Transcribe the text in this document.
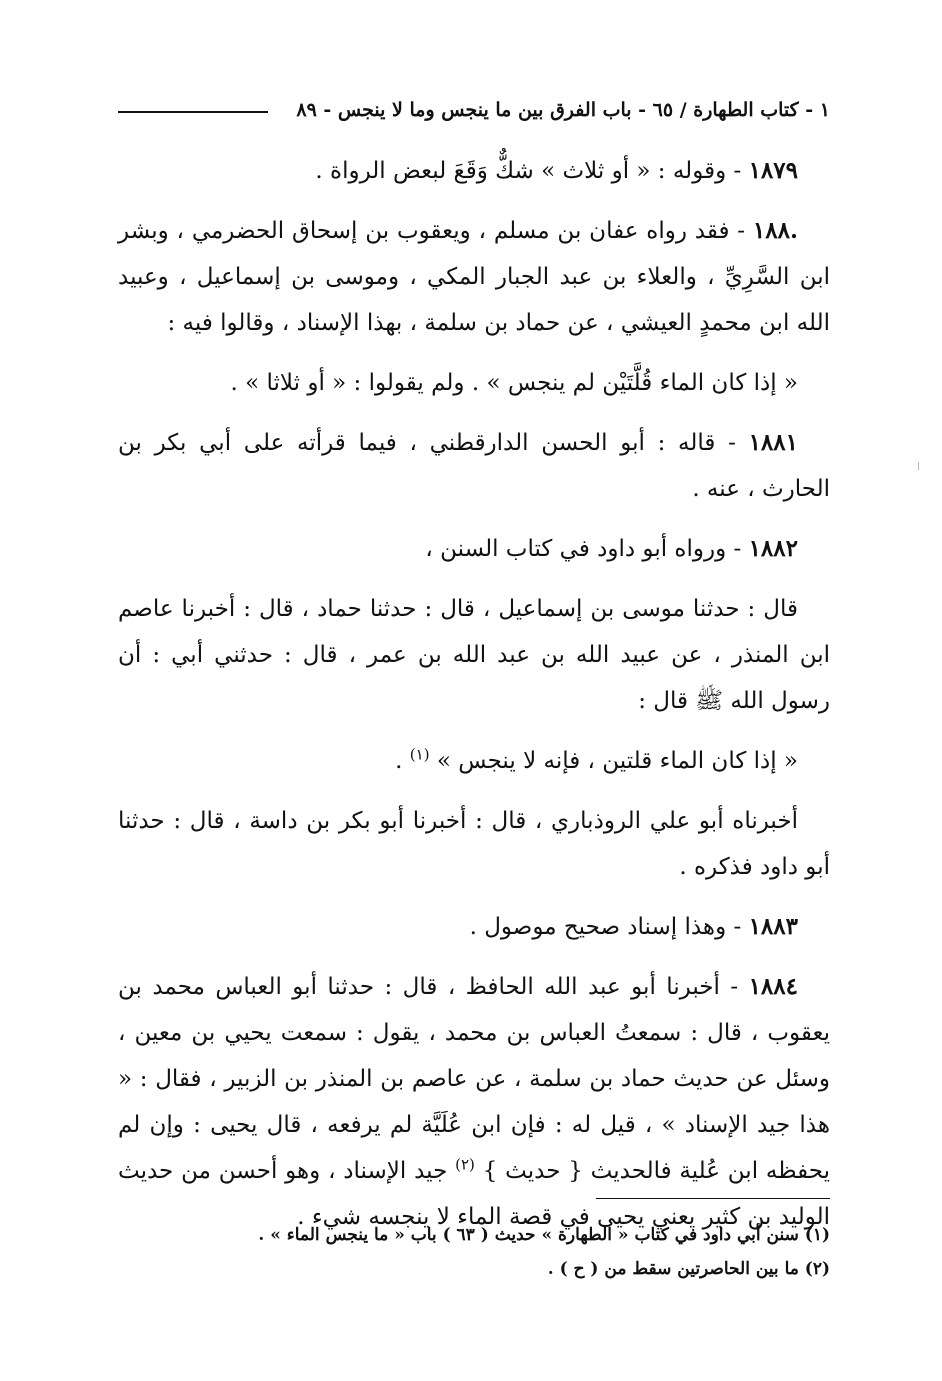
١ - كتاب الطهارة / ٦٥ - باب الفرق بين ما ينجس وما لا ينجس - ٨٩

١٨٧٩ - وقوله : « أو ثلاث » شكٌّ وَقَعَ لبعض الرواة .

.١٨٨ - فقد رواه عفان بن مسلم ، ويعقوب بن إسحاق الحضرمي ، وبشر ابن السَّرِيِّ ، والعلاء بن عبد الجبار المكي ، وموسى بن إسماعيل ، وعبيد الله ابن محمدٍ العيشي ، عن حماد بن سلمة ، بهذا الإسناد ، وقالوا فيه :

« إذا كان الماء قُلَّتَيْن لم ينجس » . ولم يقولوا : « أو ثلاثا » .

١٨٨١ - قاله : أبو الحسن الدارقطني ، فيما قرأته على أبي بكر بن الحارث ، عنه .

١٨٨٢ - ورواه أبو داود في كتاب السنن ،

قال : حدثنا موسى بن إسماعيل ، قال : حدثنا حماد ، قال : أخبرنا عاصم ابن المنذر ، عن عبيد الله بن عبد الله بن عمر ، قال : حدثني أبي : أن رسول الله ﷺ قال :

« إذا كان الماء قلتين ، فإنه لا ينجس » $^{(١)}$ .

أخبرناه أبو علي الروذباري ، قال : أخبرنا أبو بكر بن داسة ، قال : حدثنا أبو داود فذكره .

١٨٨٣ - وهذا إسناد صحيح موصول .

١٨٨٤ - أخبرنا أبو عبد الله الحافظ ، قال : حدثنا أبو العباس محمد بن يعقوب ، قال : سمعتُ العباس بن محمد ، يقول : سمعت يحيي بن معين ، وسئل عن حديث حماد بن سلمة ، عن عاصم بن المنذر بن الزبير ، فقال : « هذا جيد الإسناد » ، قيل له : فإن ابن عُلَيَّة لم يرفعه ، قال يحيى : وإن لم يحفظه ابن عُلية فالحديث { حديث } $^{(٢)}$ جيد الإسناد ، وهو أحسن من حديث الوليد بن كثير يعني يحيى في قصة الماء لا ينجسه شيء .

(١) سنن أبي داود في كتاب « الطهارة » حديث ( ٦٣ ) باب « ما ينجس الماء » .

(٢) ما بين الحاصرتين سقط من ( ح ) .
